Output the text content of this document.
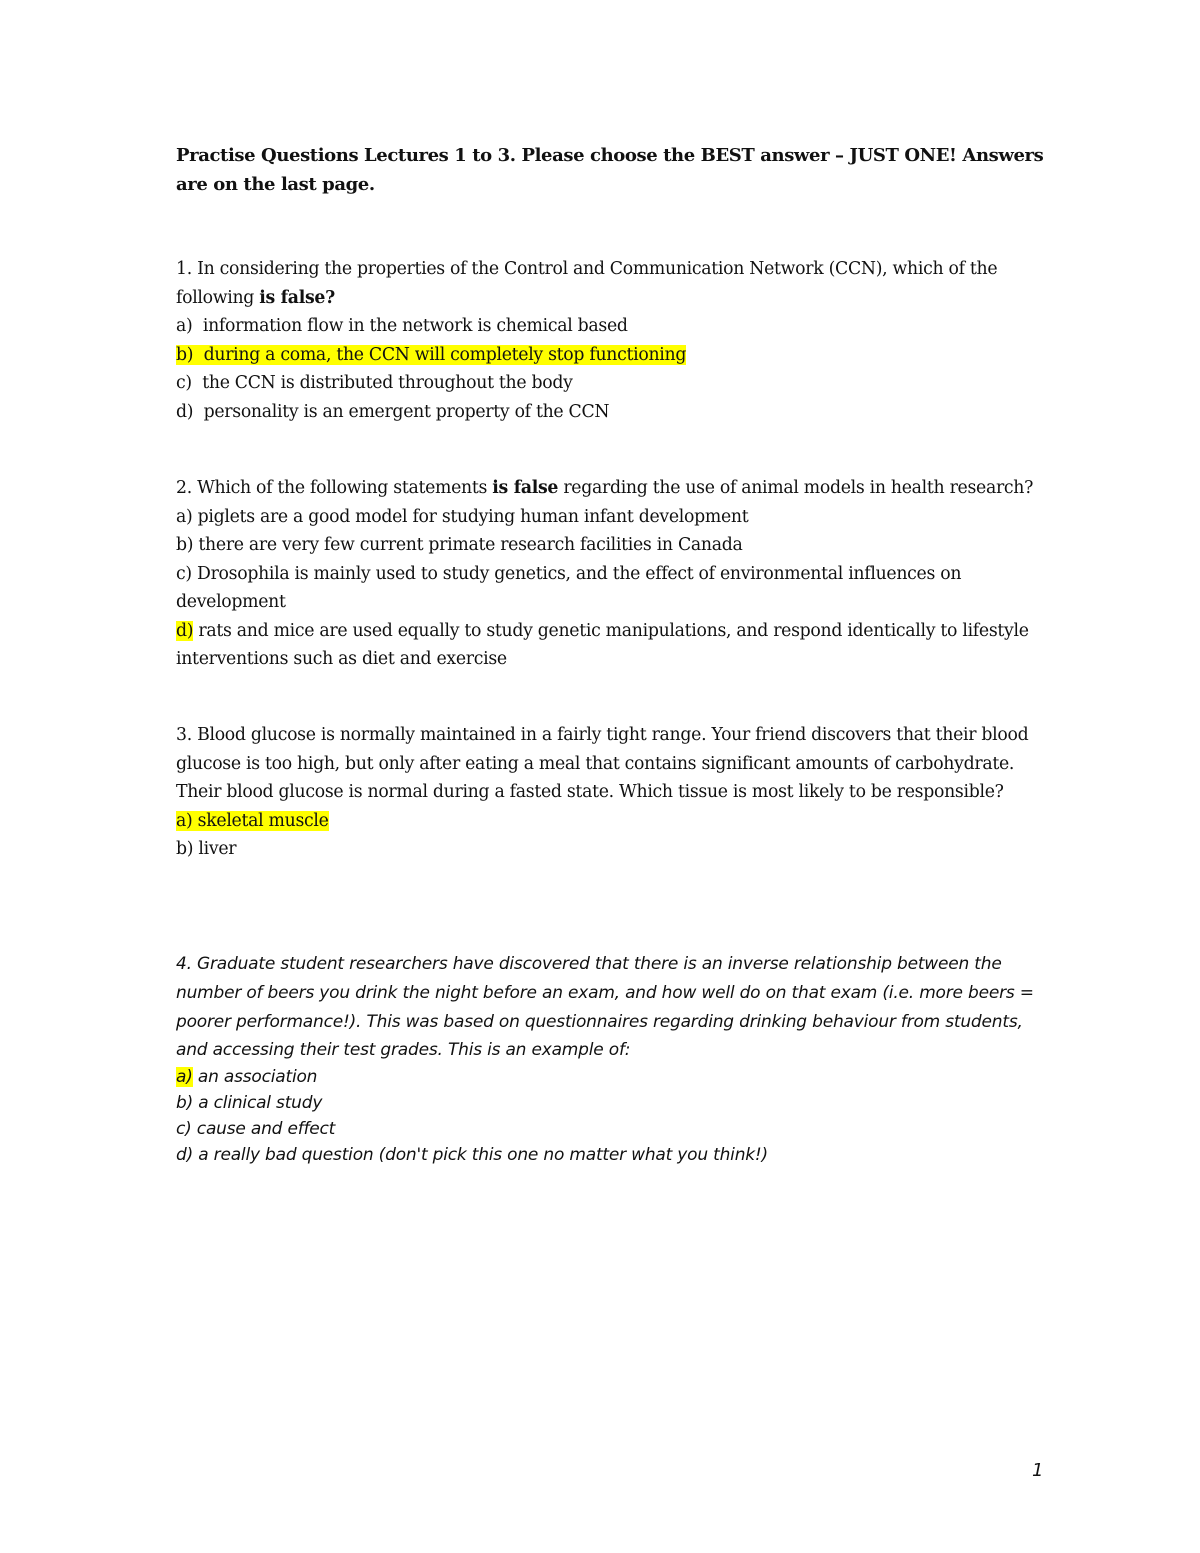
Practise Questions Lectures 1 to 3. Please choose the BEST answer – JUST ONE! Answers are on the last page.

1. In considering the properties of the Control and Communication Network (CCN), which of the following is false?

a)  information flow in the network is chemical based

b)  during a coma, the CCN will completely stop functioning

c)  the CCN is distributed throughout the body

d)  personality is an emergent property of the CCN

2. Which of the following statements is false regarding the use of animal models in health research?

a) piglets are a good model for studying human infant development

b) there are very few current primate research facilities in Canada

c) Drosophila is mainly used to study genetics, and the effect of environmental influences on development

d) rats and mice are used equally to study genetic manipulations, and respond identically to lifestyle interventions such as diet and exercise

3. Blood glucose is normally maintained in a fairly tight range. Your friend discovers that their blood glucose is too high, but only after eating a meal that contains significant amounts of carbohydrate. Their blood glucose is normal during a fasted state. Which tissue is most likely to be responsible?

a) skeletal muscle

b) liver

4. Graduate student researchers have discovered that there is an inverse relationship between the number of beers you drink the night before an exam, and how well do on that exam (i.e. more beers = poorer performance!). This was based on questionnaires regarding drinking behaviour from students, and accessing their test grades. This is an example of:

a) an association

b) a clinical study

c) cause and effect

d) a really bad question (don't pick this one no matter what you think!)

1
